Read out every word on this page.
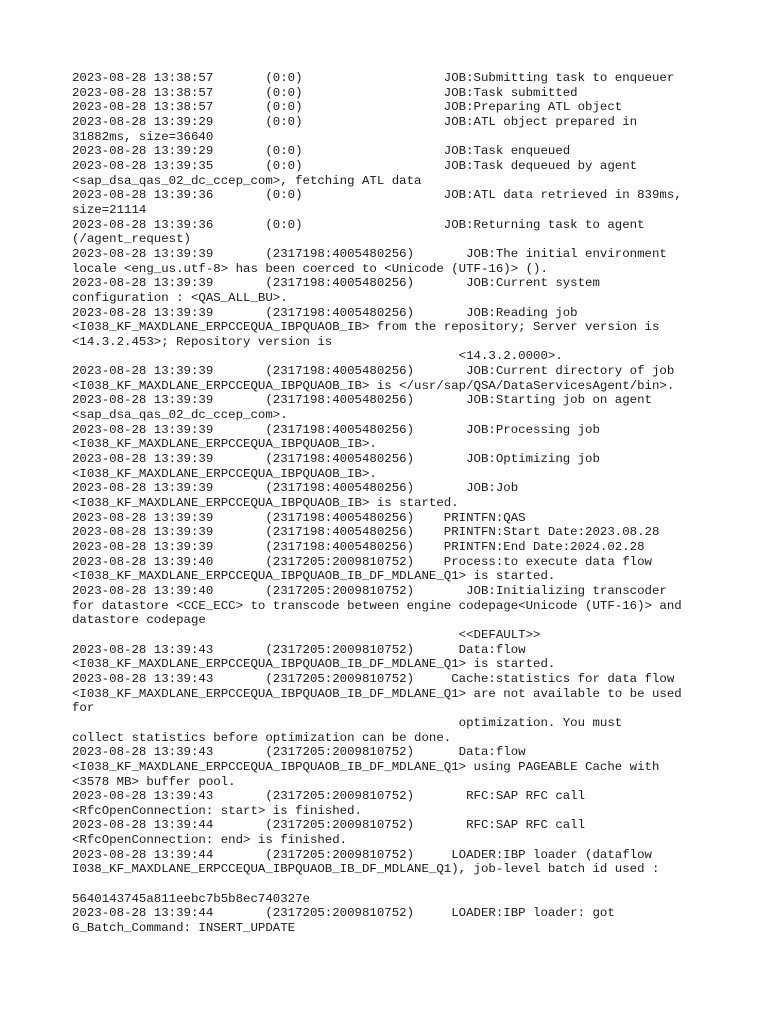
2023-08-28 13:38:57       (0:0)                   JOB:Submitting task to enqueuer
2023-08-28 13:38:57       (0:0)                   JOB:Task submitted
2023-08-28 13:38:57       (0:0)                   JOB:Preparing ATL object
2023-08-28 13:39:29       (0:0)                   JOB:ATL object prepared in
31882ms, size=36640
2023-08-28 13:39:29       (0:0)                   JOB:Task enqueued
2023-08-28 13:39:35       (0:0)                   JOB:Task dequeued by agent
<sap_dsa_qas_02_dc_ccep_com>, fetching ATL data
2023-08-28 13:39:36       (0:0)                   JOB:ATL data retrieved in 839ms,
size=21114
2023-08-28 13:39:36       (0:0)                   JOB:Returning task to agent
(/agent_request)
2023-08-28 13:39:39       (2317198:4005480256)       JOB:The initial environment
locale <eng_us.utf-8> has been coerced to <Unicode (UTF-16)> ().
2023-08-28 13:39:39       (2317198:4005480256)       JOB:Current system
configuration : <QAS_ALL_BU>.
2023-08-28 13:39:39       (2317198:4005480256)       JOB:Reading job
<I038_KF_MAXDLANE_ERPCCEQUA_IBPQUAOB_IB> from the repository; Server version is
<14.3.2.453>; Repository version is
<14.3.2.0000>.
2023-08-28 13:39:39       (2317198:4005480256)       JOB:Current directory of job
<I038_KF_MAXDLANE_ERPCCEQUA_IBPQUAOB_IB> is </usr/sap/QSA/DataServicesAgent/bin>.
2023-08-28 13:39:39       (2317198:4005480256)       JOB:Starting job on agent
<sap_dsa_qas_02_dc_ccep_com>.
2023-08-28 13:39:39       (2317198:4005480256)       JOB:Processing job
<I038_KF_MAXDLANE_ERPCCEQUA_IBPQUAOB_IB>.
2023-08-28 13:39:39       (2317198:4005480256)       JOB:Optimizing job
<I038_KF_MAXDLANE_ERPCCEQUA_IBPQUAOB_IB>.
2023-08-28 13:39:39       (2317198:4005480256)       JOB:Job
<I038_KF_MAXDLANE_ERPCCEQUA_IBPQUAOB_IB> is started.
2023-08-28 13:39:39       (2317198:4005480256)    PRINTFN:QAS
2023-08-28 13:39:39       (2317198:4005480256)    PRINTFN:Start Date:2023.08.28
2023-08-28 13:39:39       (2317198:4005480256)    PRINTFN:End Date:2024.02.28
2023-08-28 13:39:40       (2317205:2009810752)    Process:to execute data flow
<I038_KF_MAXDLANE_ERPCCEQUA_IBPQUAOB_IB_DF_MDLANE_Q1> is started.
2023-08-28 13:39:40       (2317205:2009810752)       JOB:Initializing transcoder
for datastore <CCE_ECC> to transcode between engine codepage<Unicode (UTF-16)> and
datastore codepage
<<DEFAULT>>
2023-08-28 13:39:43       (2317205:2009810752)      Data:flow
<I038_KF_MAXDLANE_ERPCCEQUA_IBPQUAOB_IB_DF_MDLANE_Q1> is started.
2023-08-28 13:39:43       (2317205:2009810752)     Cache:statistics for data flow
<I038_KF_MAXDLANE_ERPCCEQUA_IBPQUAOB_IB_DF_MDLANE_Q1> are not available to be used
for
optimization. You must
collect statistics before optimization can be done.
2023-08-28 13:39:43       (2317205:2009810752)      Data:flow
<I038_KF_MAXDLANE_ERPCCEQUA_IBPQUAOB_IB_DF_MDLANE_Q1> using PAGEABLE Cache with
<3578 MB> buffer pool.
2023-08-28 13:39:43       (2317205:2009810752)       RFC:SAP RFC call
<RfcOpenConnection: start> is finished.
2023-08-28 13:39:44       (2317205:2009810752)       RFC:SAP RFC call
<RfcOpenConnection: end> is finished.
2023-08-28 13:39:44       (2317205:2009810752)     LOADER:IBP loader (dataflow
I038_KF_MAXDLANE_ERPCCEQUA_IBPQUAOB_IB_DF_MDLANE_Q1), job-level batch id used :
5640143745a811eebc7b5b8ec740327e
2023-08-28 13:39:44       (2317205:2009810752)     LOADER:IBP loader: got
G_Batch_Command: INSERT_UPDATE
